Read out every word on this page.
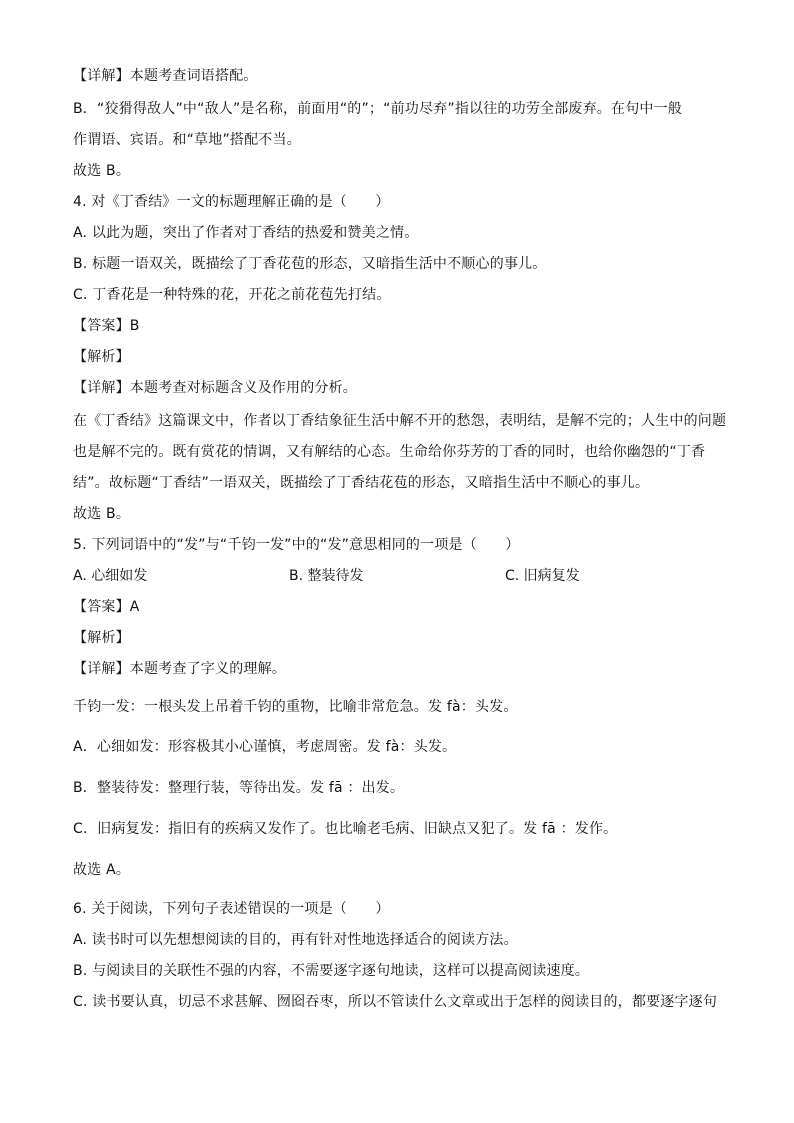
【详解】本题考查词语搭配。
B．“狡猾得敌人”中“敌人”是名称，前面用“的”；“前功尽弃”指以往的功劳全部废弃。在句中一般
作谓语、宾语。和“草地”搭配不当。
故选 B。
4. 对《丁香结》一文的标题理解正确的是（　　）
A. 以此为题，突出了作者对丁香结的热爱和赞美之情。
B. 标题一语双关，既描绘了丁香花苞的形态，又暗指生活中不顺心的事儿。
C. 丁香花是一种特殊的花，开花之前花苞先打结。
【答案】B
【解析】
【详解】本题考查对标题含义及作用的分析。
在《丁香结》这篇课文中，作者以丁香结象征生活中解不开的愁怨，表明结，是解不完的；人生中的问题
也是解不完的。既有赏花的情调，又有解结的心态。生命给你芬芳的丁香的同时，也给你幽怨的“丁香
结”。故标题“丁香结”一语双关，既描绘了丁香结花苞的形态，又暗指生活中不顺心的事儿。
故选 B。
5. 下列词语中的“发”与“千钧一发”中的“发”意思相同的一项是（　　）
A. 心细如发	B. 整装待发	C. 旧病复发
【答案】A
【解析】
【详解】本题考查了字义的理解。
千钧一发：一根头发上吊着千钧的重物，比喻非常危急。发 fà：头发。
A．心细如发：形容极其小心谨慎，考虑周密。发 fà：头发。
B．整装待发：整理行装，等待出发。发 fā ：出发。
C．旧病复发：指旧有的疾病又发作了。也比喻老毛病、旧缺点又犯了。发 fā ：发作。
故选 A。
6. 关于阅读，下列句子表述错误的一项是（　　）
A. 读书时可以先想想阅读的目的，再有针对性地选择适合的阅读方法。
B. 与阅读目的关联性不强的内容，不需要逐字逐句地读，这样可以提高阅读速度。
C. 读书要认真，切忌不求甚解、囫囵吞枣，所以不管读什么文章或出于怎样的阅读目的，都要逐字逐句
